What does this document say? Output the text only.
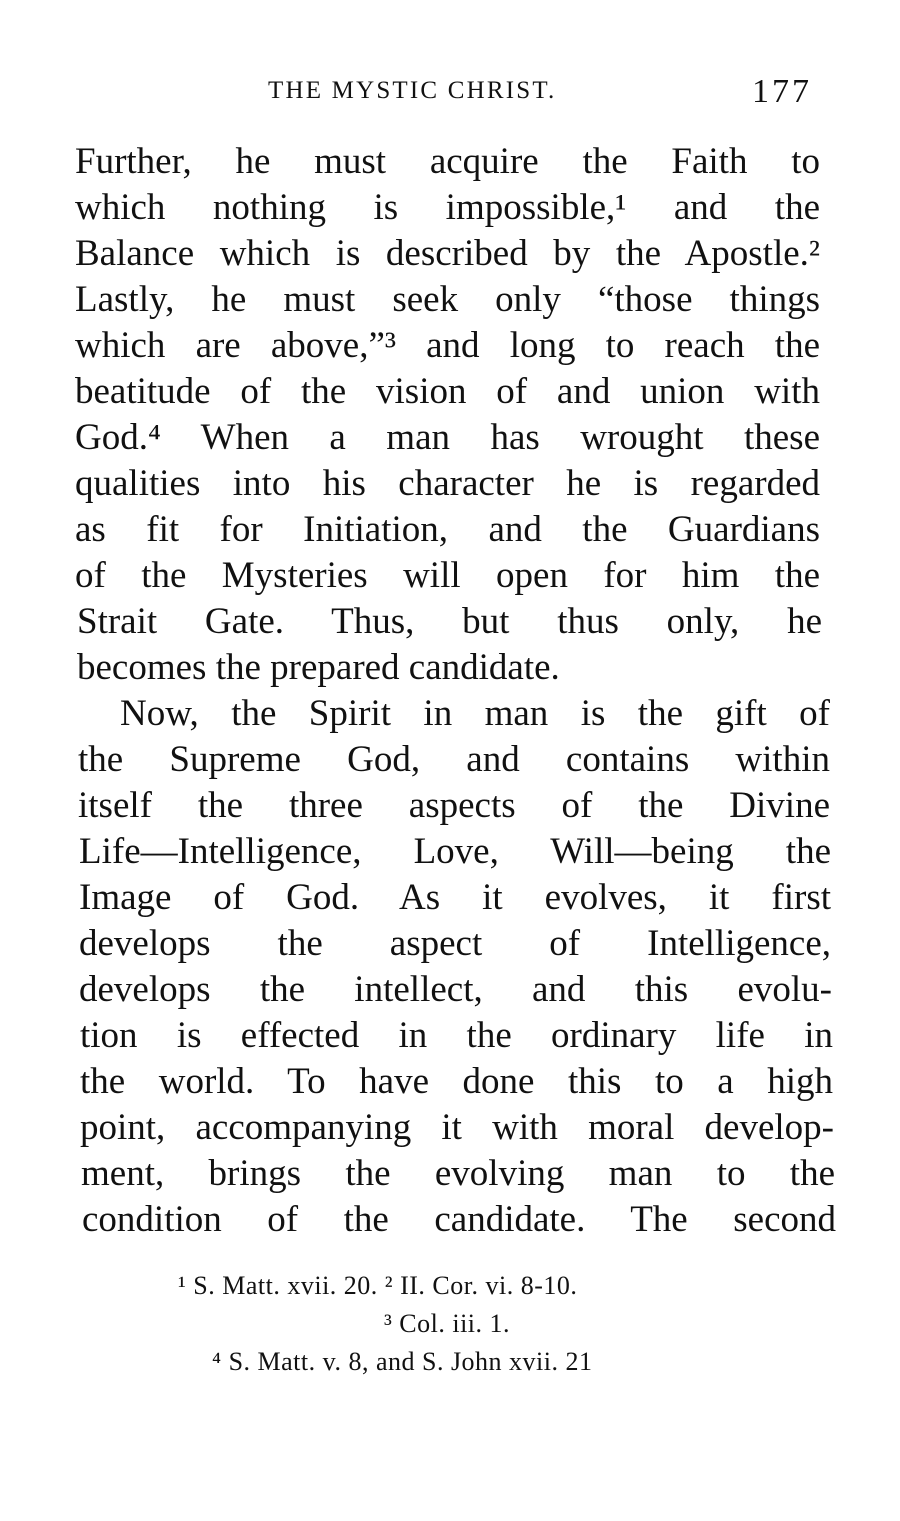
THE MYSTIC CHRIST.	177
Further, he must acquire the Faith to
which nothing is impossible,¹ and the
Balance which is described by the Apostle.²
Lastly, he must seek only “those things
which are above,”³ and long to reach the
beatitude of the vision of and union with
God.⁴ When a man has wrought these
qualities into his character he is regarded
as fit for Initiation, and the Guardians
of the Mysteries will open for him the
Strait Gate. Thus, but thus only, he
becomes the prepared candidate.
Now, the Spirit in man is the gift of
the Supreme God, and contains within
itself the three aspects of the Divine
Life—Intelligence, Love, Will—being the
Image of God. As it evolves, it first
develops the aspect of Intelligence,
develops the intellect, and this evolu-
tion is effected in the ordinary life in
the world. To have done this to a high
point, accompanying it with moral develop-
ment, brings the evolving man to the
condition of the candidate. The second
¹ S. Matt. xvii. 20. ² II. Cor. vi. 8-10.
³ Col. iii. 1.
⁴ S. Matt. v. 8, and S. John xvii. 21
